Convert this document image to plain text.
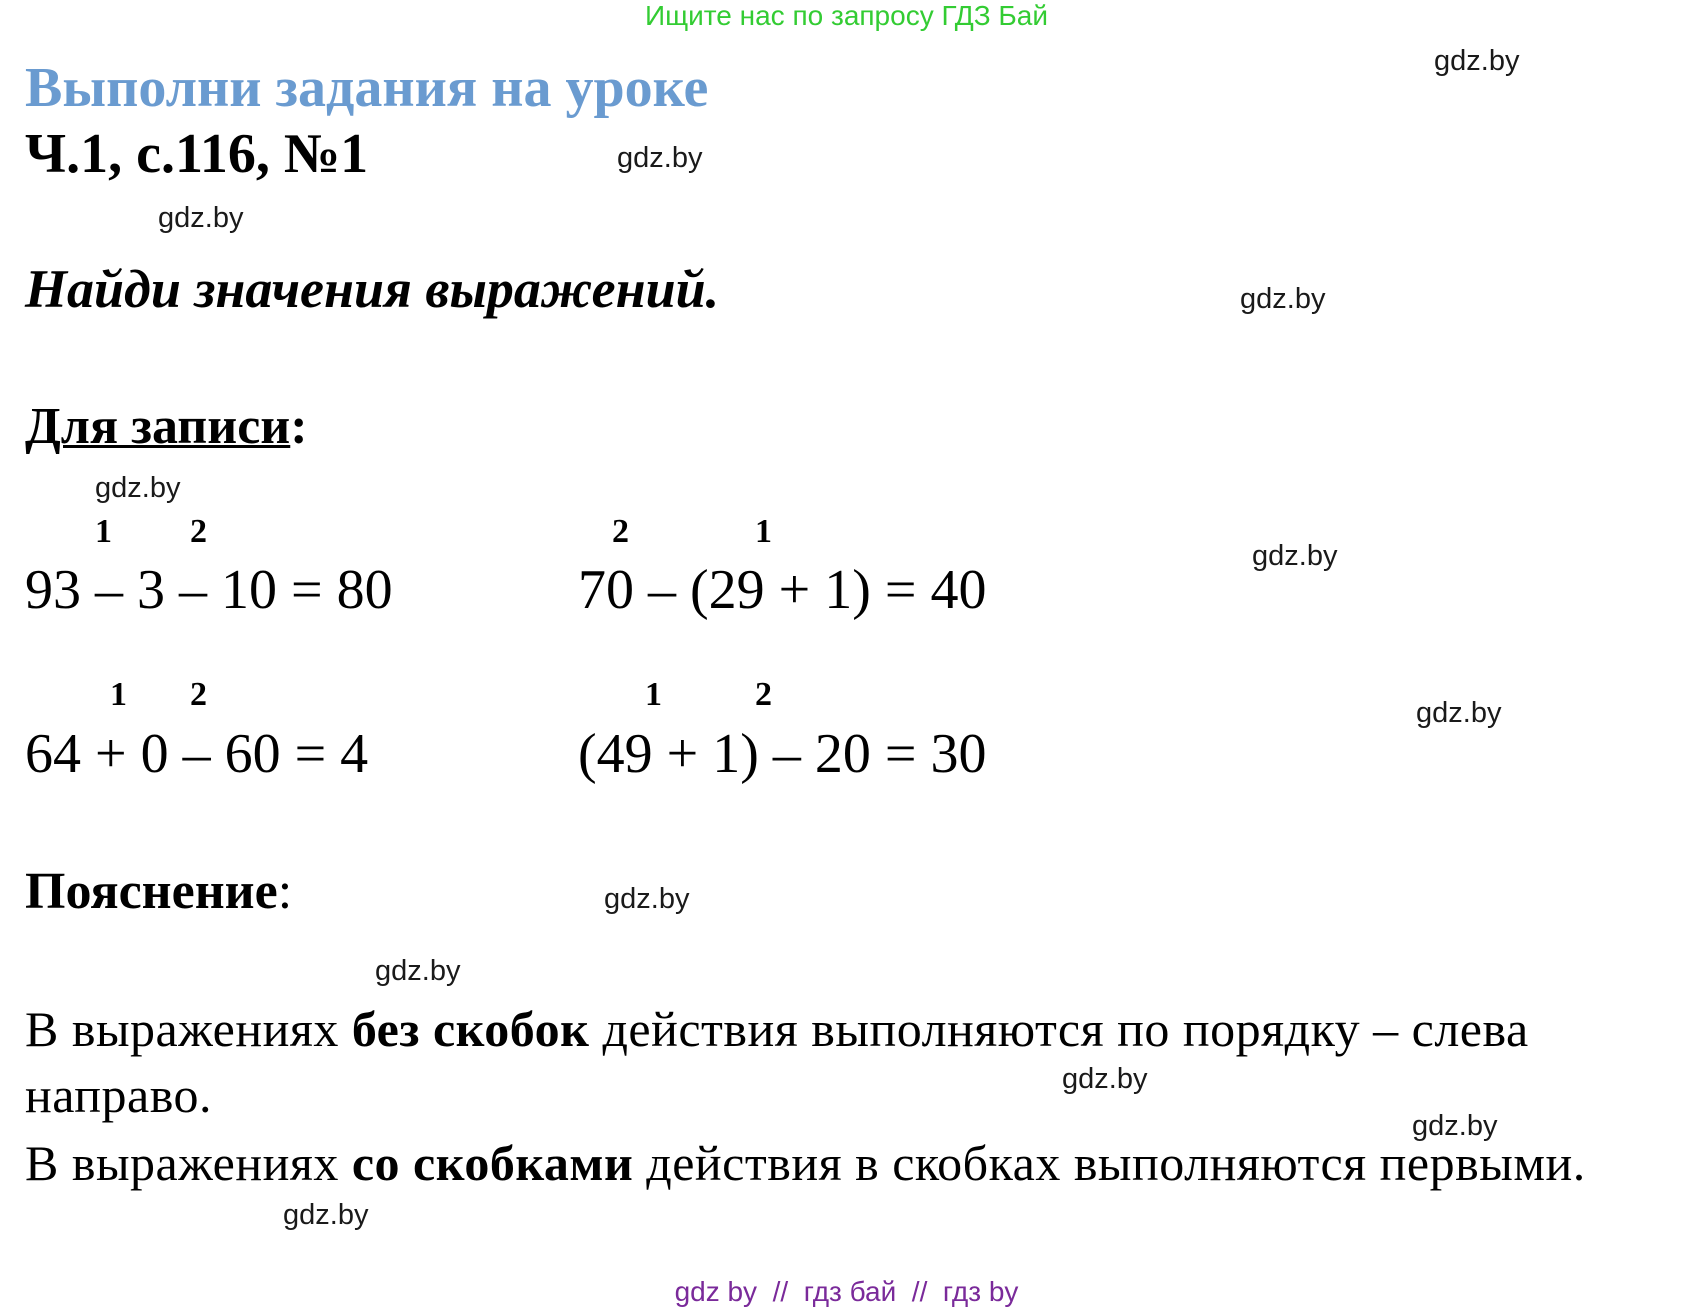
Ищите нас по запросу ГДЗ Бай
gdz.by
gdz.by
gdz.by
gdz.by
gdz.by
gdz.by
gdz.by
gdz.by
gdz.by
gdz.by
gdz.by
gdz.by
Выполни задания на уроке
Ч.1, с.116, №1
Найди значения выражений.
Для записи:
1 2
93 – 3 – 10 = 80
2	1
70 – (29 + 1) = 40
1 2
64 + 0 – 60 = 4
1	2
(49 + 1) – 20 = 30
Пояснение:
В выражениях без скобок действия выполняются по порядку – слева направо.
В выражениях со скобками действия в скобках выполняются первыми.
gdz by  //  гдз бай  //  гдз by
